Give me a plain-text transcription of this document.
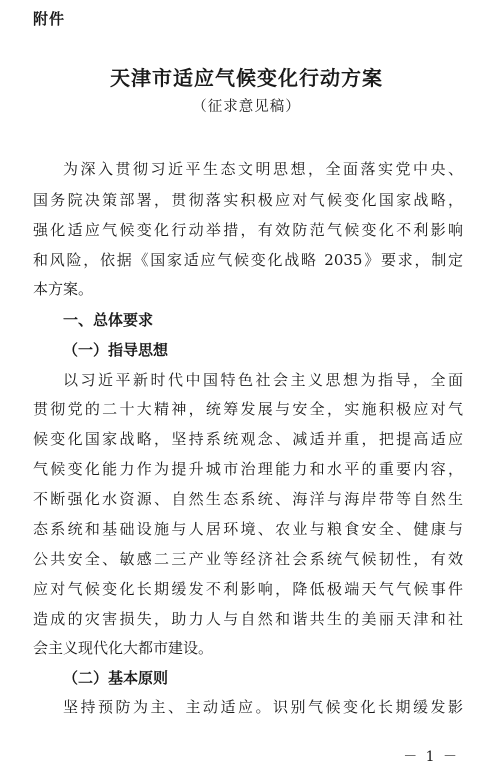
附件
天津市适应气候变化行动方案
（征求意见稿）
为深入贯彻习近平生态文明思想，全面落实党中央、
国务院决策部署，贯彻落实积极应对气候变化国家战略，
强化适应气候变化行动举措，有效防范气候变化不利影响
和风险，依据《国家适应气候变化战略 2035》要求，制定
本方案。
一、总体要求
（一）指导思想
以习近平新时代中国特色社会主义思想为指导，全面
贯彻党的二十大精神，统筹发展与安全，实施积极应对气
候变化国家战略，坚持系统观念、减适并重，把提高适应
气候变化能力作为提升城市治理能力和水平的重要内容，
不断强化水资源、自然生态系统、海洋与海岸带等自然生
态系统和基础设施与人居环境、农业与粮食安全、健康与
公共安全、敏感二三产业等经济社会系统气候韧性，有效
应对气候变化长期缓发不利影响，降低极端天气气候事件
造成的灾害损失，助力人与自然和谐共生的美丽天津和社
会主义现代化大都市建设。
（二）基本原则
坚持预防为主、主动适应。识别气候变化长期缓发影
－ 1 －
